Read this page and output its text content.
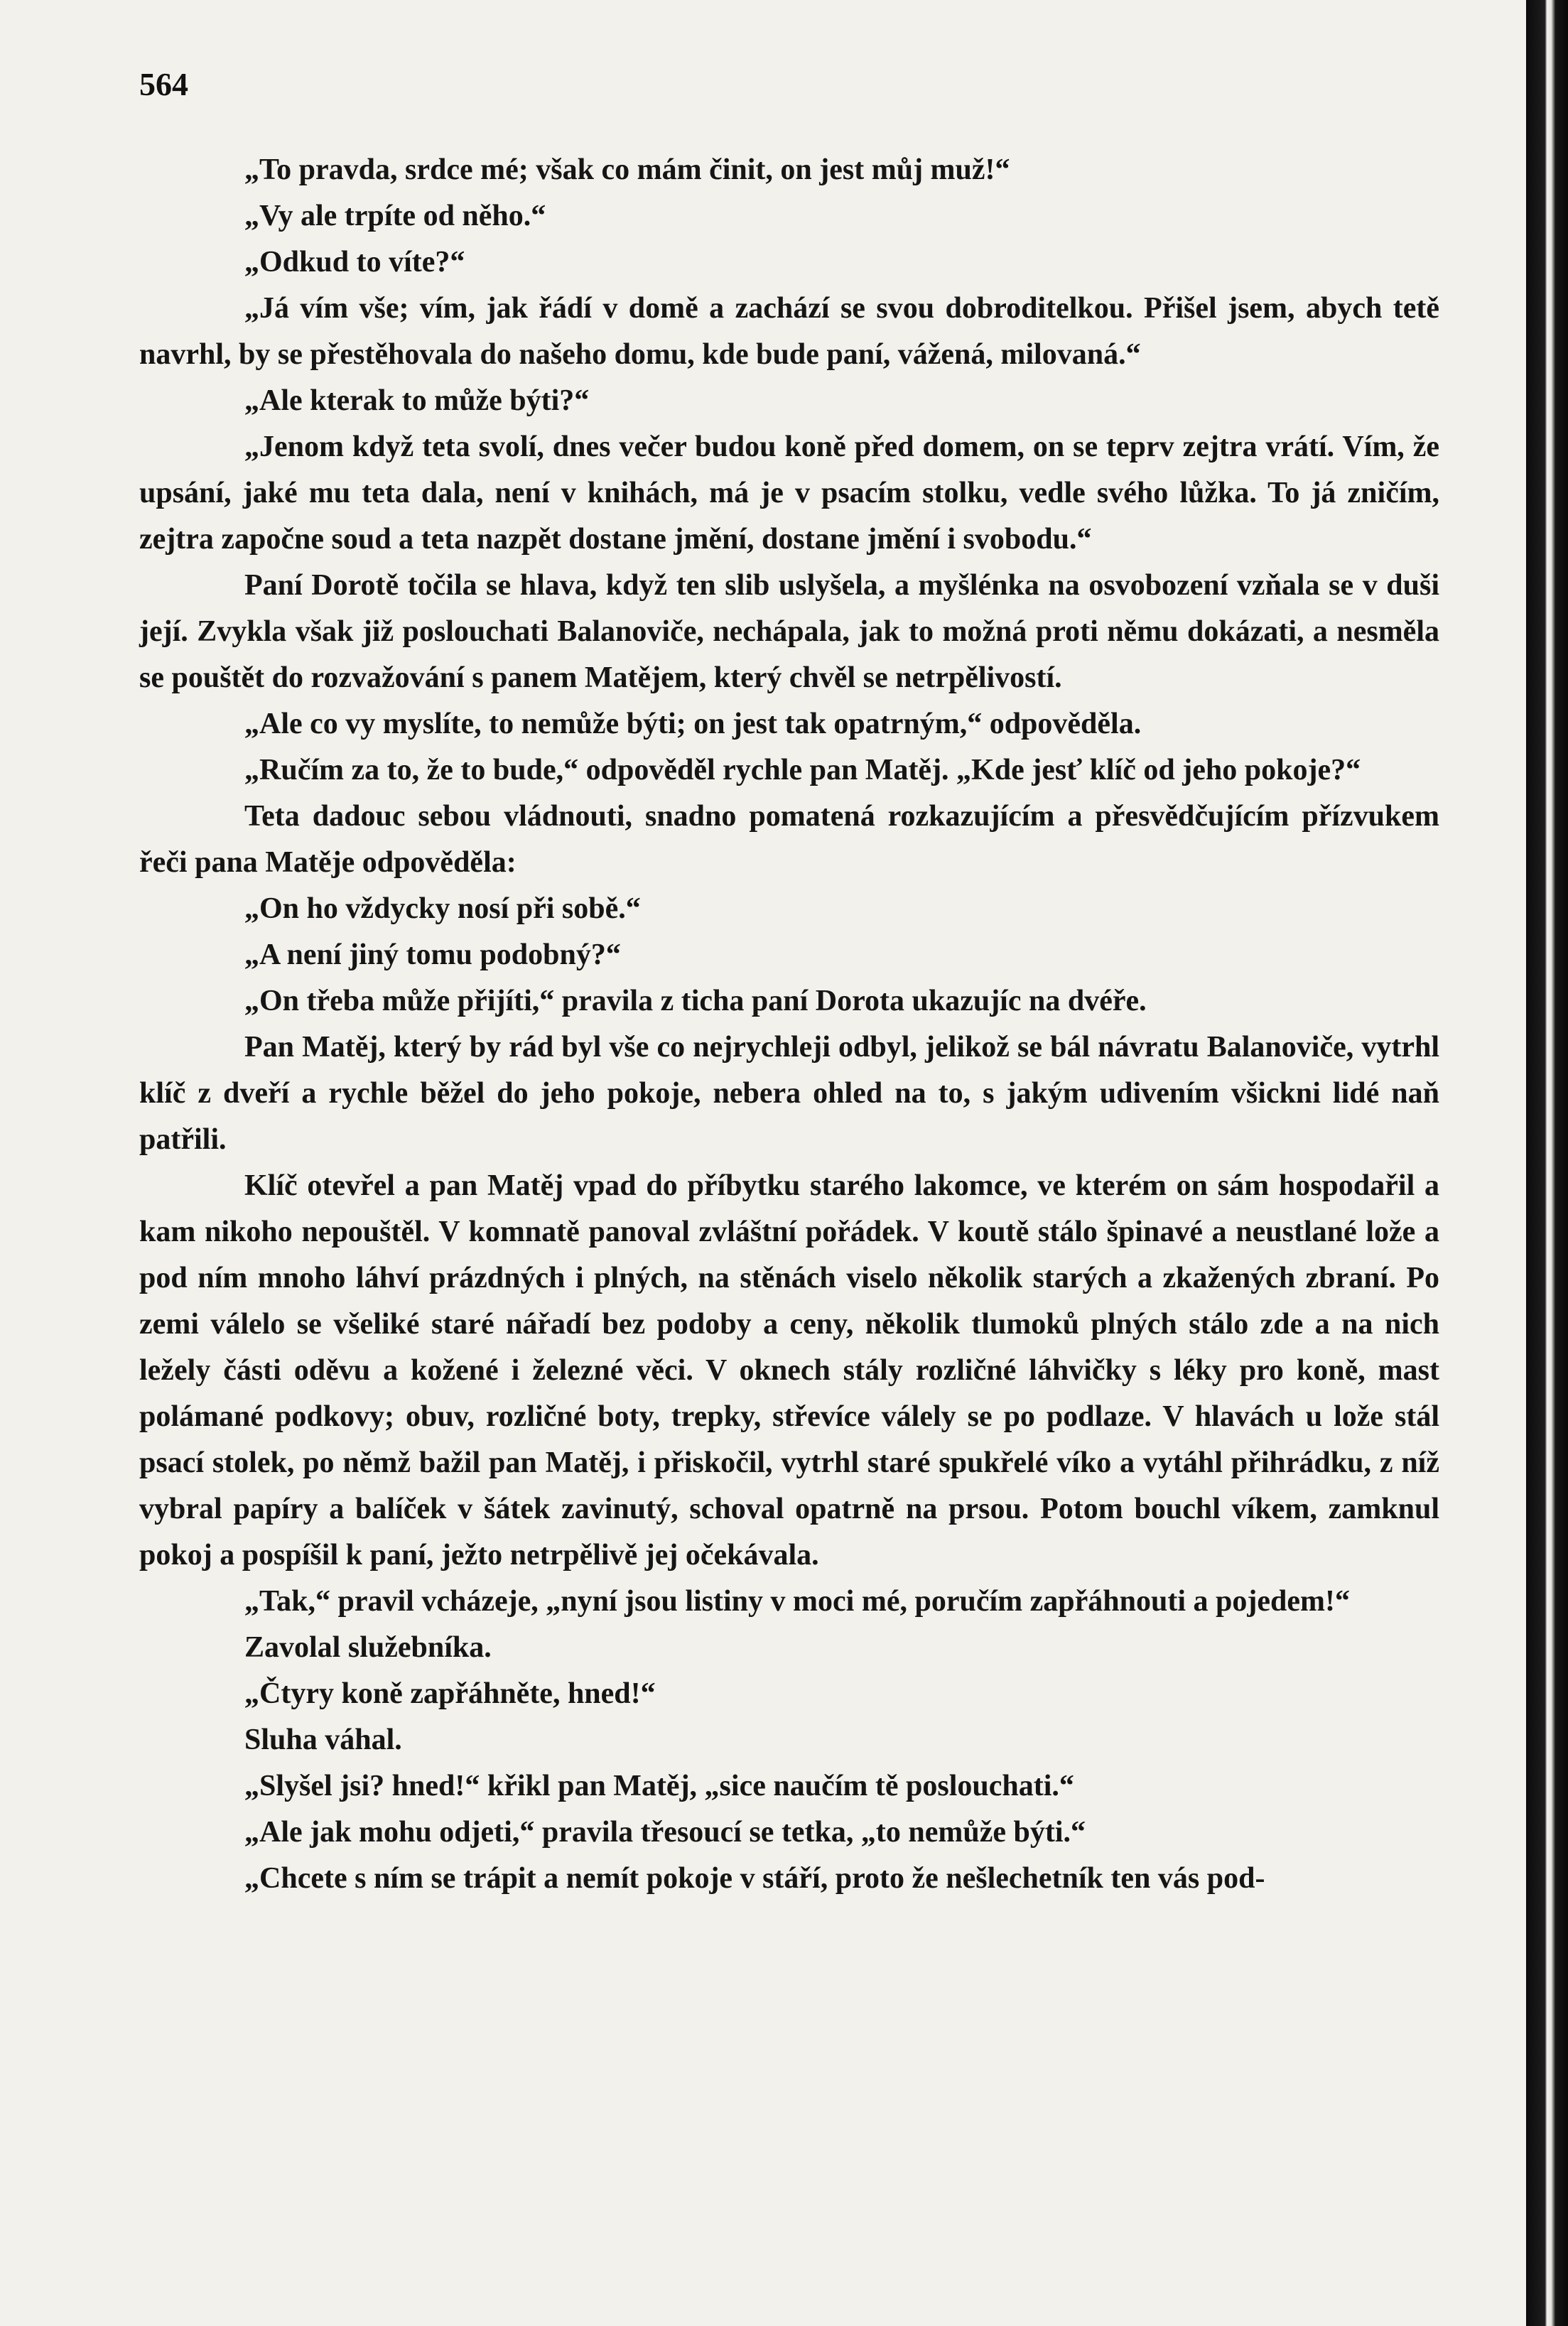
564

„To pravda, srdce mé; však co mám činit, on jest můj muž!“

„Vy ale trpíte od něho.“

„Odkud to víte?“

„Já vím vše; vím, jak řádí v domě a zachází se svou dobroditelkou. Přišel jsem, abych tetě navrhl, by se přestěhovala do našeho domu, kde bude paní, vážená, milovaná.“

„Ale kterak to může býti?“

„Jenom když teta svolí, dnes večer budou koně před domem, on se teprv zejtra vrátí. Vím, že upsání, jaké mu teta dala, není v knihách, má je v psacím stolku, vedle svého lůžka. To já zničím, zejtra započne soud a teta nazpět dostane jmění, dostane jmění i svobodu.“

Paní Dorotě točila se hlava, když ten slib uslyšela, a myšlénka na osvobození vzňala se v duši její. Zvykla však již poslouchati Balanoviče, nechápala, jak to možná proti němu dokázati, a nesměla se pouštět do rozvažování s panem Matějem, který chvěl se netrpělivostí.

„Ale co vy myslíte, to nemůže býti; on jest tak opatrným,“ odpověděla.

„Ručím za to, že to bude,“ odpověděl rychle pan Matěj. „Kde jesť klíč od jeho pokoje?“

Teta dadouc sebou vládnouti, snadno pomatená rozkazujícím a přesvědčujícím přízvukem řeči pana Matěje odpověděla:

„On ho vždycky nosí při sobě.“

„A není jiný tomu podobný?“

„On třeba může přijíti,“ pravila z ticha paní Dorota ukazujíc na dvéře.

Pan Matěj, který by rád byl vše co nejrychleji odbyl, jelikož se bál návratu Balanoviče, vytrhl klíč z dveří a rychle běžel do jeho pokoje, nebera ohled na to, s jakým udivením všickni lidé naň patřili.

Klíč otevřel a pan Matěj vpad do příbytku starého lakomce, ve kterém on sám hospodařil a kam nikoho nepouštěl. V komnatě panoval zvláštní pořádek. V koutě stálo špinavé a neustlané lože a pod ním mnoho láhví prázdných i plných, na stěnách viselo několik starých a zkažených zbraní. Po zemi válelo se všeliké staré nářadí bez podoby a ceny, několik tlumoků plných stálo zde a na nich ležely části oděvu a kožené i železné věci. V oknech stály rozličné láhvičky s léky pro koně, mast polámané podkovy; obuv, rozličné boty, trepky, střevíce válely se po podlaze. V hlavách u lože stál psací stolek, po němž bažil pan Matěj, i přiskočil, vytrhl staré spukřelé víko a vytáhl přihrádku, z níž vybral papíry a balíček v šátek zavinutý, schoval opatrně na prsou. Potom bouchl víkem, zamknul pokoj a pospíšil k paní, ježto netrpělivě jej očekávala.

„Tak,“ pravil vcházeje, „nyní jsou listiny v moci mé, poručím zapřáhnouti a pojedem!“

Zavolal služebníka.

„Čtyry koně zapřáhněte, hned!“

Sluha váhal.

„Slyšel jsi? hned!“ křikl pan Matěj, „sice naučím tě poslouchati.“

„Ale jak mohu odjeti,“ pravila třesoucí se tetka, „to nemůže býti.“

„Chcete s ním se trápit a nemít pokoje v stáří, proto že nešlechetník ten vás pod-
